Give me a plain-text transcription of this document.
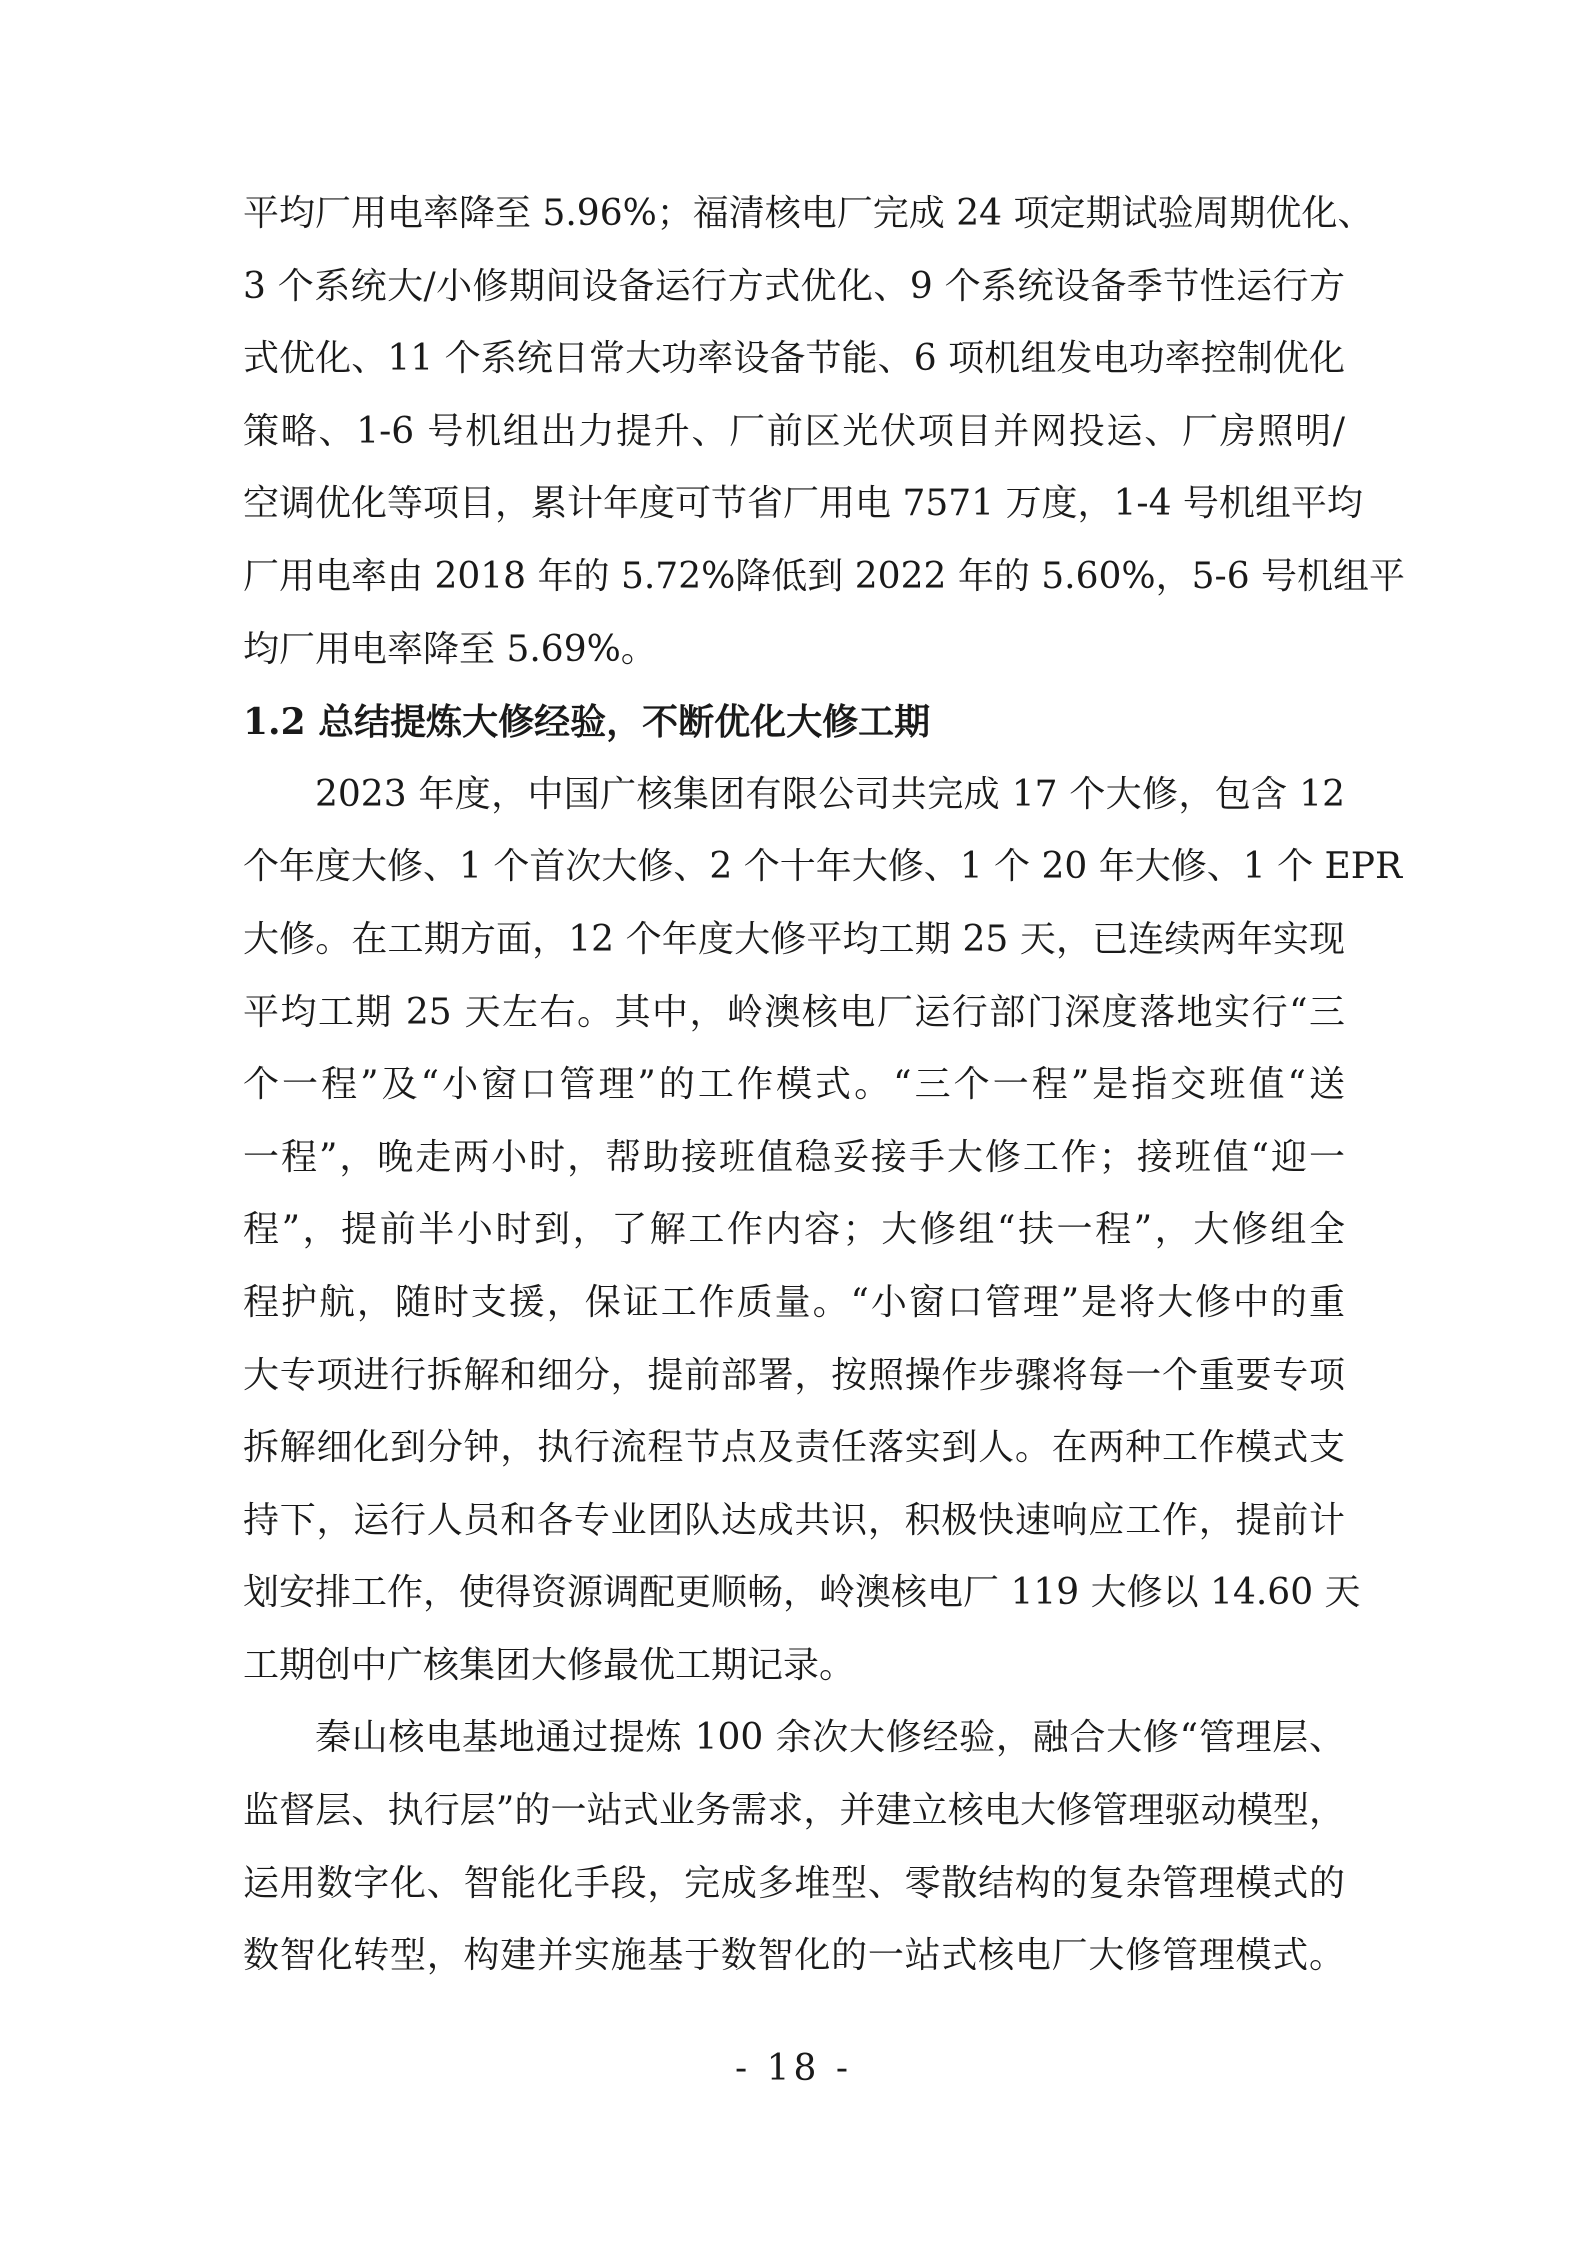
平均厂用电率降至 5.96%；福清核电厂完成 24 项定期试验周期优化、
3 个系统大/小修期间设备运行方式优化、9 个系统设备季节性运行方
式优化、11 个系统日常大功率设备节能、6 项机组发电功率控制优化
策略、1-6 号机组出力提升、厂前区光伏项目并网投运、厂房照明/
空调优化等项目，累计年度可节省厂用电 7571 万度，1-4 号机组平均
厂用电率由 2018 年的 5.72%降低到 2022 年的 5.60%，5-6 号机组平
均厂用电率降至 5.69%。
1.2 总结提炼大修经验，不断优化大修工期
2023 年度，中国广核集团有限公司共完成 17 个大修，包含 12
个年度大修、1 个首次大修、2 个十年大修、1 个 20 年大修、1 个 EPR
大修。在工期方面，12 个年度大修平均工期 25 天，已连续两年实现
平均工期 25 天左右。其中，岭澳核电厂运行部门深度落地实行“三
个一程”及“小窗口管理”的工作模式。“三个一程”是指交班值“送
一程”，晚走两小时，帮助接班值稳妥接手大修工作；接班值“迎一
程”，提前半小时到，了解工作内容；大修组“扶一程”，大修组全
程护航，随时支援，保证工作质量。“小窗口管理”是将大修中的重
大专项进行拆解和细分，提前部署，按照操作步骤将每一个重要专项
拆解细化到分钟，执行流程节点及责任落实到人。在两种工作模式支
持下，运行人员和各专业团队达成共识，积极快速响应工作，提前计
划安排工作，使得资源调配更顺畅，岭澳核电厂 119 大修以 14.60 天
工期创中广核集团大修最优工期记录。
秦山核电基地通过提炼 100 余次大修经验，融合大修“管理层、
监督层、执行层”的一站式业务需求，并建立核电大修管理驱动模型，
运用数字化、智能化手段，完成多堆型、零散结构的复杂管理模式的
数智化转型，构建并实施基于数智化的一站式核电厂大修管理模式。
- 18 -
